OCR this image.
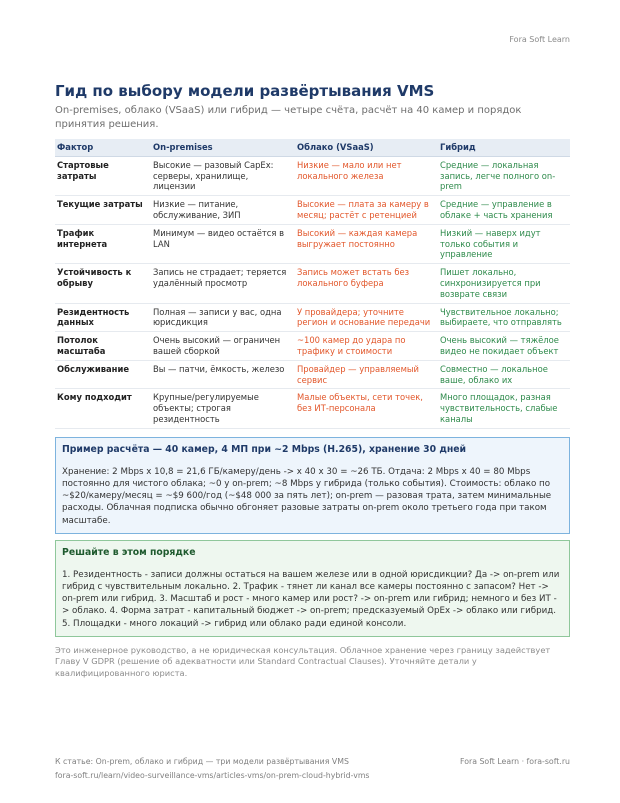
Fora Soft Learn
Гид по выбору модели развёртывания VMS

On-premises, облако (VSaaS) или гибрид — четыре счёта, расчёт на 40 камер и порядок принятия решения.

Фактор	On-premises	Облако (VSaaS)	Гибрид
Стартовые затраты	Высокие — разовый CapEx: серверы, хранилище, лицензии	Низкие — мало или нет локального железа	Средние — локальная запись, легче полного on-prem
Текущие затраты	Низкие — питание, обслуживание, ЗИП	Высокие — плата за камеру в месяц; растёт с ретенцией	Средние — управление в облаке + часть хранения
Трафик интернета	Минимум — видео остаётся в LAN	Высокий — каждая камера выгружает постоянно	Низкий — наверх идут только события и управление
Устойчивость к обрыву	Запись не страдает; теряется удалённый просмотр	Запись может встать без локального буфера	Пишет локально, синхронизируется при возврате связи
Резидентность данных	Полная — записи у вас, одна юрисдикция	У провайдера; уточните регион и основание передачи	Чувствительное локально; выбираете, что отправлять
Потолок масштаба	Очень высокий — ограничен вашей сборкой	~100 камер до удара по трафику и стоимости	Очень высокий — тяжёлое видео не покидает объект
Обслуживание	Вы — патчи, ёмкость, железо	Провайдер — управляемый сервис	Совместно — локальное ваше, облако их
Кому подходит	Крупные/регулируемые объекты; строгая резидентность	Малые объекты, сети точек, без ИТ-персонала	Много площадок, разная чувствительность, слабые каналы
Пример расчёта — 40 камер, 4 МП при ~2 Mbps (H.265), хранение 30 дней
Хранение: 2 Mbps x 10,8 = 21,6 ГБ/камеру/день -> x 40 x 30 = ~26 ТБ. Отдача: 2 Mbps x 40 = 80 Mbps постоянно для чистого облака; ~0 у on-prem; ~8 Mbps у гибрида (только события). Стоимость: облако по ~$20/камеру/месяц = ~$9 600/год (~$48 000 за пять лет); on-prem — разовая трата, затем минимальные расходы. Облачная подписка обычно обгоняет разовые затраты on-prem около третьего года при таком масштабе.
Решайте в этом порядке
1. Резидентность - записи должны остаться на вашем железе или в одной юрисдикции? Да -> on-prem или гибрид с чувствительным локально. 2. Трафик - тянет ли канал все камеры постоянно с запасом? Нет -> on-prem или гибрид. 3. Масштаб и рост - много камер или рост? -> on-prem или гибрид; немного и без ИТ -> облако. 4. Форма затрат - капитальный бюджет -> on-prem; предсказуемый OpEx -> облако или гибрид. 5. Площадки - много локаций -> гибрид или облако ради единой консоли.

Это инженерное руководство, а не юридическая консультация. Облачное хранение через границу задействует Главу V GDPR (решение об адекватности или Standard Contractual Clauses). Уточняйте детали у квалифицированного юриста.

К статье: On-prem, облако и гибрид — три модели развёртывания VMS
fora-soft.ru/learn/video-surveillance-vms/articles-vms/on-prem-cloud-hybrid-vms
Fora Soft Learn · fora-soft.ru
